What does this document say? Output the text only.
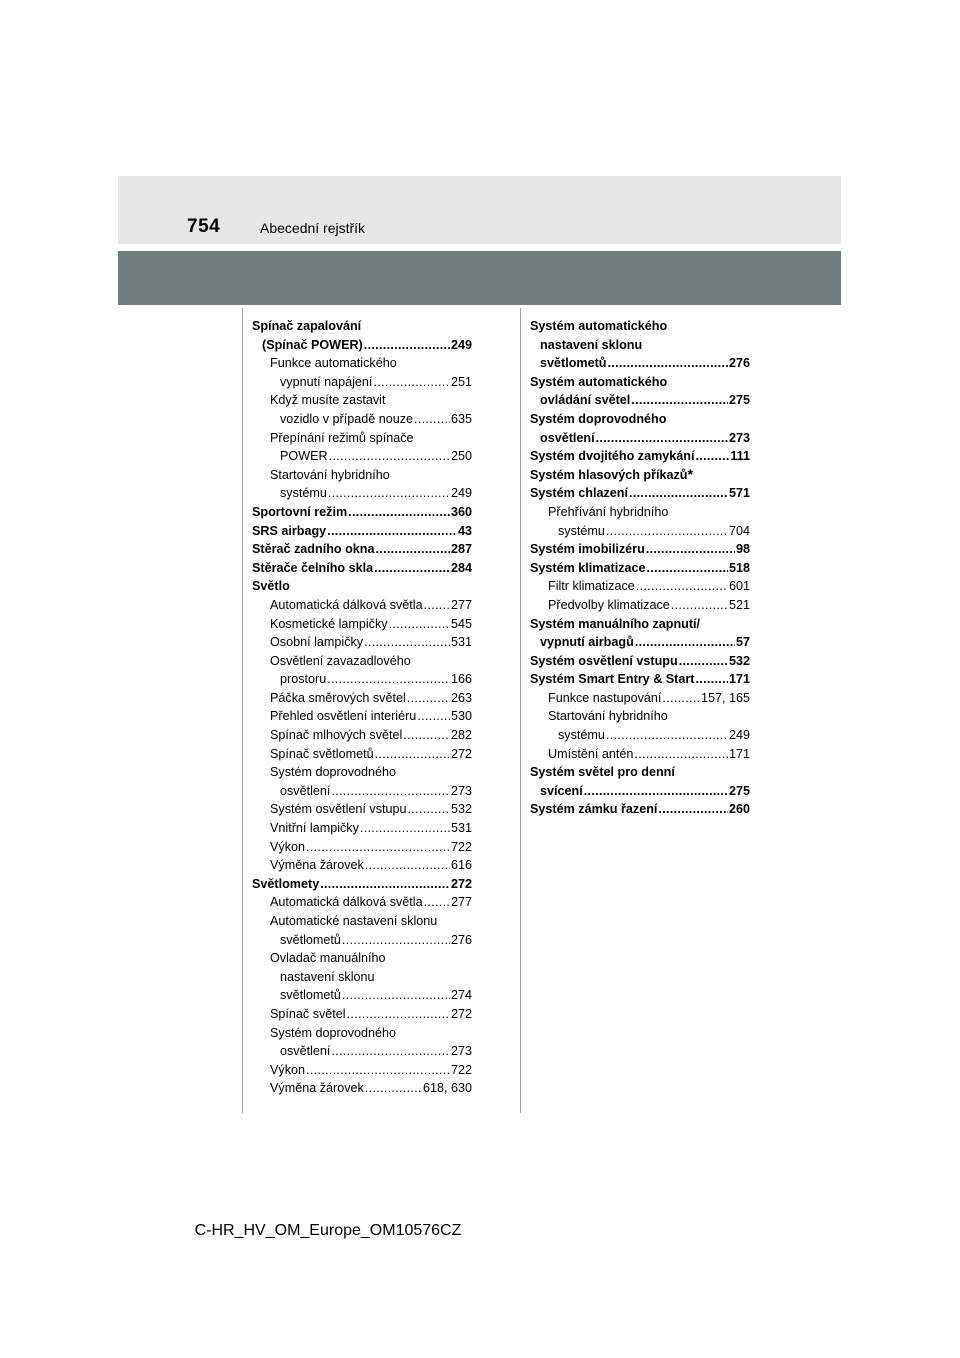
754	Abecední rejstřík
Spínač zapalování
(Spínač POWER) .....	249
Funkce automatického
vypnutí napájení .....	251
Když musíte zastavit
vozidlo v případě nouze .....	635
Přepínání režimů spínače
POWER .....	250
Startování hybridního
systému .....	249
Sportovní režim .....	360
SRS airbagy .....	43
Stěrač zadního okna .....	287
Stěrače čelního skla .....	284
Světlo
Automatická dálková světla ..... 277
Kosmetické lampičky .....	545
Osobní lampičky .....	531
Osvětlení zavazadlového
prostoru .....	166
Páčka směrových světel .....	263
Přehled osvětlení interiéru .....	530
Spínač mlhových světel .....	282
Spínač světlometů .....	272
Systém doprovodného
osvětlení .....	273
Systém osvětlení vstupu .....	532
Vnitřní lampičky .....	531
Výkon .....	722
Výměna žárovek .....	616
Světlomety .....	272
Automatická dálková světla ..... 277
Automatické nastavení sklonu
světlometů .....	276
Ovladač manuálního
nastavení sklonu
světlometů .....	274
Spínač světel .....	272
Systém doprovodného
osvětlení .....	273
Výkon .....	722
Výměna žárovek .....	618, 630
Systém automatického
nastavení sklonu
světlometů .....	276
Systém automatického
ovládání světel .....	275
Systém doprovodného
osvětlení .....	273
Systém dvojitého zamykání .....	111
Systém hlasových příkazů *
Systém chlazení .....	571
Přehřívání hybridního
systému .....	704
Systém imobilizéru .....	98
Systém klimatizace .....	518
Filtr klimatizace .....	601
Předvolby klimatizace .....	521
Systém manuálního zapnutí/
vypnutí airbagů .....	57
Systém osvětlení vstupu .....	532
Systém Smart Entry & Start .....	171
Funkce nastupování .....	157, 165
Startování hybridního
systému .....	249
Umístění antén .....	171
Systém světel pro denní
svícení .....	275
Systém zámku řazení .....	260
C-HR_HV_OM_Europe_OM10576CZ
